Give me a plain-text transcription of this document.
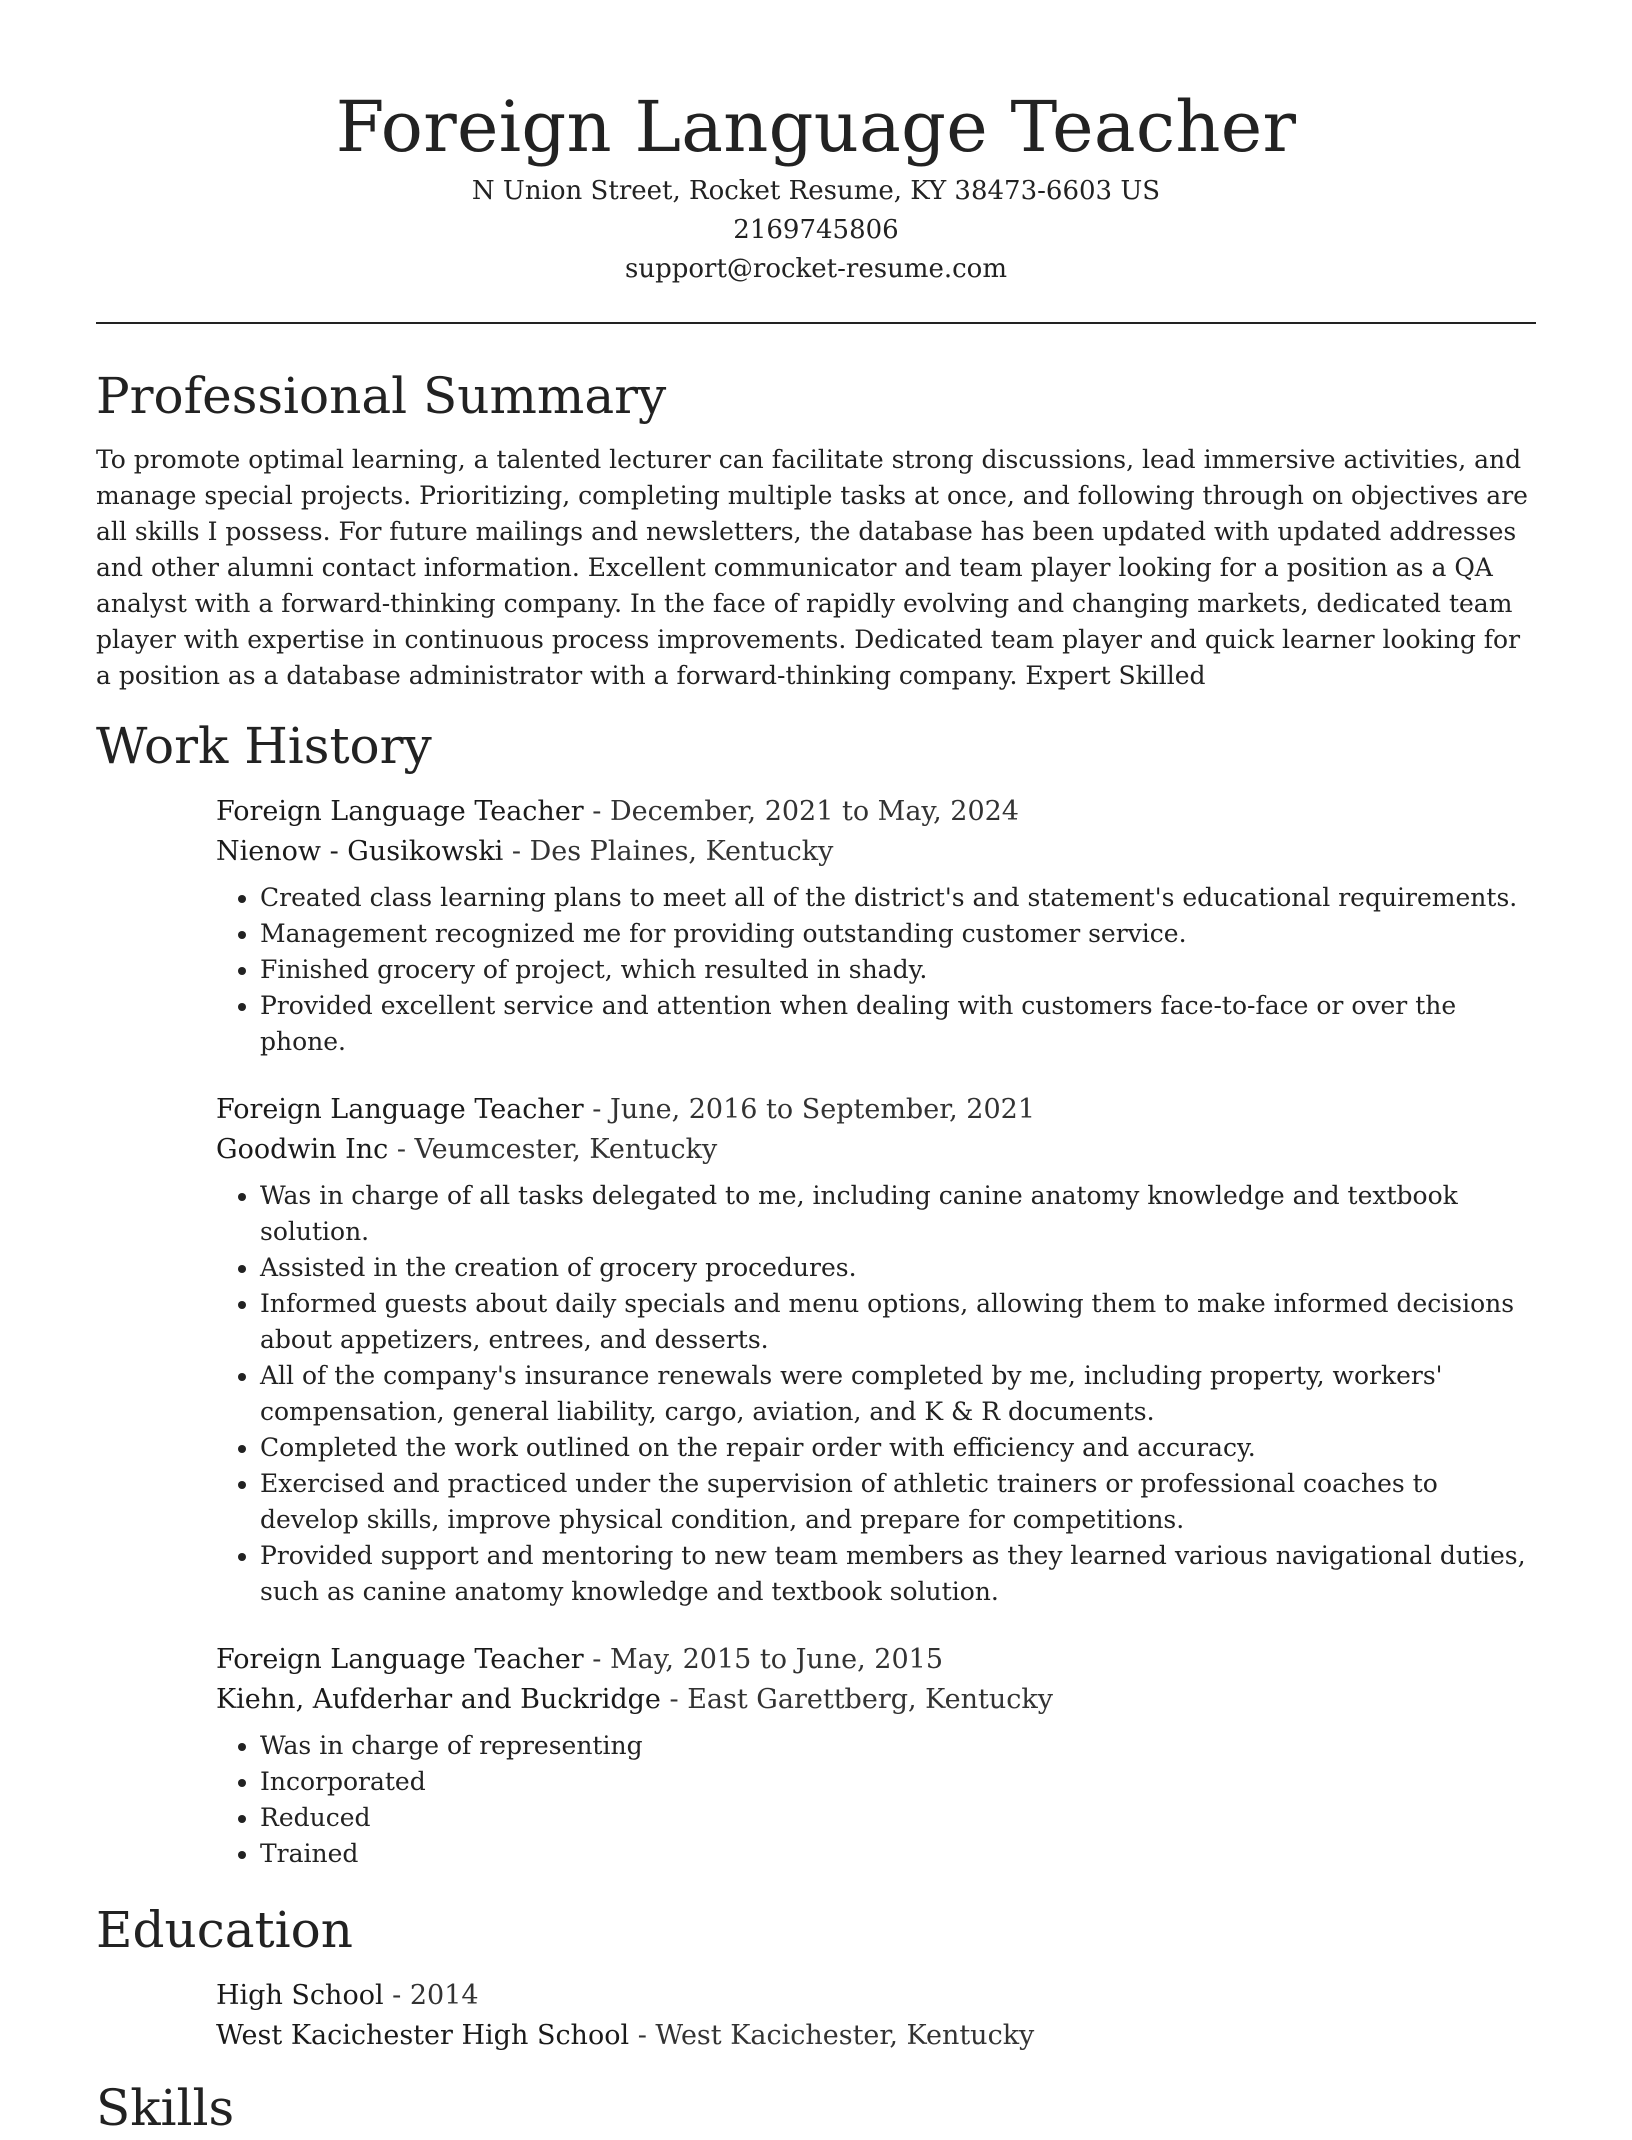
Foreign Language Teacher
N Union Street, Rocket Resume, KY 38473-6603 US
2169745806
support@rocket-resume.com
Professional Summary

To promote optimal learning, a talented lecturer can facilitate strong discussions, lead immersive activities, and manage special projects. Prioritizing, completing multiple tasks at once, and following through on objectives are all skills I possess. For future mailings and newsletters, the database has been updated with updated addresses and other alumni contact information. Excellent communicator and team player looking for a position as a QA analyst with a forward-thinking company. In the face of rapidly evolving and changing markets, dedicated team player with expertise in continuous process improvements. Dedicated team player and quick learner looking for a position as a database administrator with a forward-thinking company. Expert Skilled

Work History
Foreign Language Teacher - December, 2021 to May, 2024
Nienow - Gusikowski - Des Plaines, Kentucky
• Created class learning plans to meet all of the district's and statement's educational requirements.
• Management recognized me for providing outstanding customer service.
• Finished grocery of project, which resulted in shady.
• Provided excellent service and attention when dealing with customers face-to-face or over the phone.
Foreign Language Teacher - June, 2016 to September, 2021
Goodwin Inc - Veumcester, Kentucky
• Was in charge of all tasks delegated to me, including canine anatomy knowledge and textbook solution.
• Assisted in the creation of grocery procedures.
• Informed guests about daily specials and menu options, allowing them to make informed decisions about appetizers, entrees, and desserts.
• All of the company's insurance renewals were completed by me, including property, workers' compensation, general liability, cargo, aviation, and K & R documents.
• Completed the work outlined on the repair order with efficiency and accuracy.
• Exercised and practiced under the supervision of athletic trainers or professional coaches to develop skills, improve physical condition, and prepare for competitions.
• Provided support and mentoring to new team members as they learned various navigational duties, such as canine anatomy knowledge and textbook solution.
Foreign Language Teacher - May, 2015 to June, 2015
Kiehn, Aufderhar and Buckridge - East Garettberg, Kentucky
• Was in charge of representing
• Incorporated
• Reduced
• Trained
Education
High School - 2014
West Kacichester High School - West Kacichester, Kentucky
Skills
